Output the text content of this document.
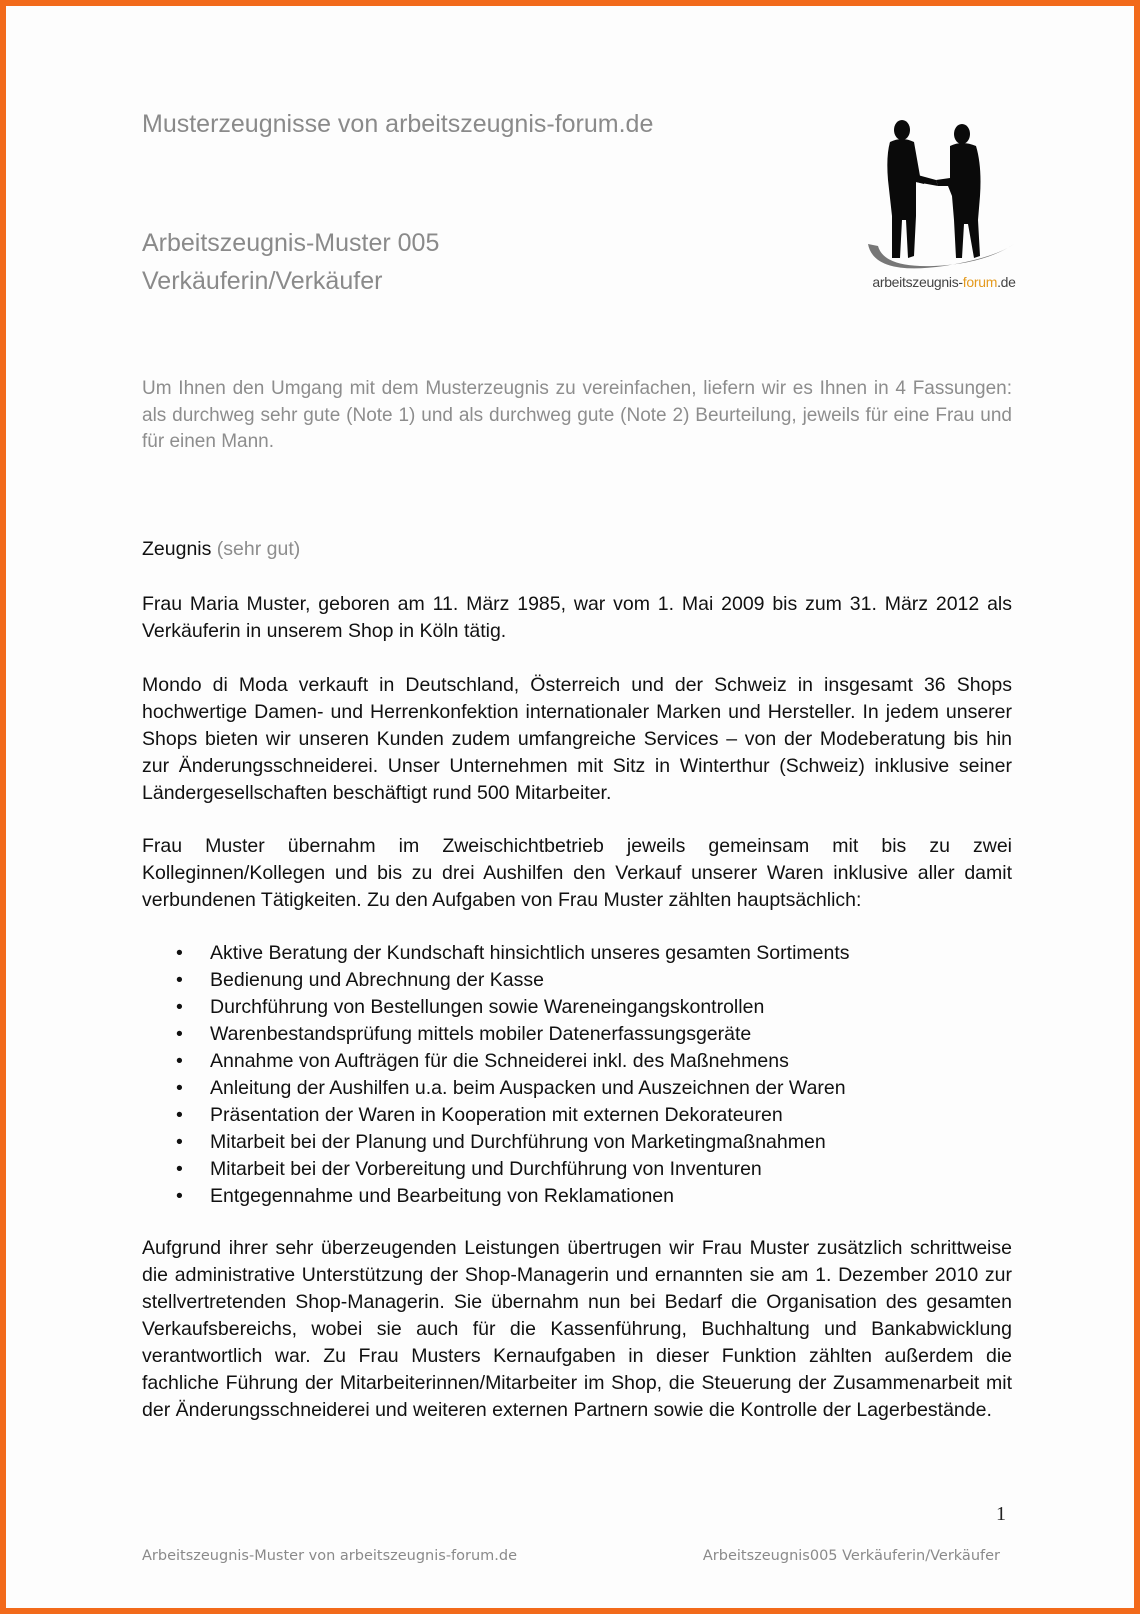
Musterzeugnisse von arbeitszeugnis-forum.de
Arbeitszeugnis-Muster 005
Verkäuferin/Verkäufer	arbeitszeugnis-forum.de

Um Ihnen den Umgang mit dem Musterzeugnis zu vereinfachen, liefern wir es Ihnen in 4 Fassungen: als durchweg sehr gute (Note 1) und als durchweg gute (Note 2) Beurteilung, jeweils für eine Frau und für einen Mann.

Zeugnis (sehr gut)

Frau Maria Muster, geboren am 11. März 1985, war vom 1. Mai 2009 bis zum 31. März 2012 als Verkäuferin in unserem Shop in Köln tätig.

Mondo di Moda verkauft in Deutschland, Österreich und der Schweiz in insgesamt 36 Shops hochwertige Damen- und Herrenkonfektion internationaler Marken und Hersteller. In jedem unserer Shops bieten wir unseren Kunden zudem umfangreiche Services – von der Modeberatung bis hin zur Änderungsschneiderei. Unser Unternehmen mit Sitz in Winterthur (Schweiz) inklusive seiner Ländergesellschaften beschäftigt rund 500 Mitarbeiter.

Frau Muster übernahm im Zweischichtbetrieb jeweils gemeinsam mit bis zu zwei Kolleginnen/Kollegen und bis zu drei Aushilfen den Verkauf unserer Waren inklusive aller damit verbundenen Tätigkeiten. Zu den Aufgaben von Frau Muster zählten hauptsächlich:

• Aktive Beratung der Kundschaft hinsichtlich unseres gesamten Sortiments
• Bedienung und Abrechnung der Kasse
• Durchführung von Bestellungen sowie Wareneingangskontrollen
• Warenbestandsprüfung mittels mobiler Datenerfassungsgeräte
• Annahme von Aufträgen für die Schneiderei inkl. des Maßnehmens
• Anleitung der Aushilfen u.a. beim Auspacken und Auszeichnen der Waren
• Präsentation der Waren in Kooperation mit externen Dekorateuren
• Mitarbeit bei der Planung und Durchführung von Marketingmaßnahmen
• Mitarbeit bei der Vorbereitung und Durchführung von Inventuren
• Entgegennahme und Bearbeitung von Reklamationen

Aufgrund ihrer sehr überzeugenden Leistungen übertrugen wir Frau Muster zusätzlich schrittweise die administrative Unterstützung der Shop-Managerin und ernannten sie am 1. Dezember 2010 zur stellvertretenden Shop-Managerin. Sie übernahm nun bei Bedarf die Organisation des gesamten Verkaufsbereichs, wobei sie auch für die Kassenführung, Buchhaltung und Bankabwicklung verantwortlich war. Zu Frau Musters Kernaufgaben in dieser Funktion zählten außerdem die fachliche Führung der Mitarbeiterinnen/Mitarbeiter im Shop, die Steuerung der Zusammenarbeit mit der Änderungsschneiderei und weiteren externen Partnern sowie die Kontrolle der Lagerbestände.

1
Arbeitszeugnis-Muster von arbeitszeugnis-forum.de	Arbeitszeugnis005 Verkäuferin/Verkäufer
